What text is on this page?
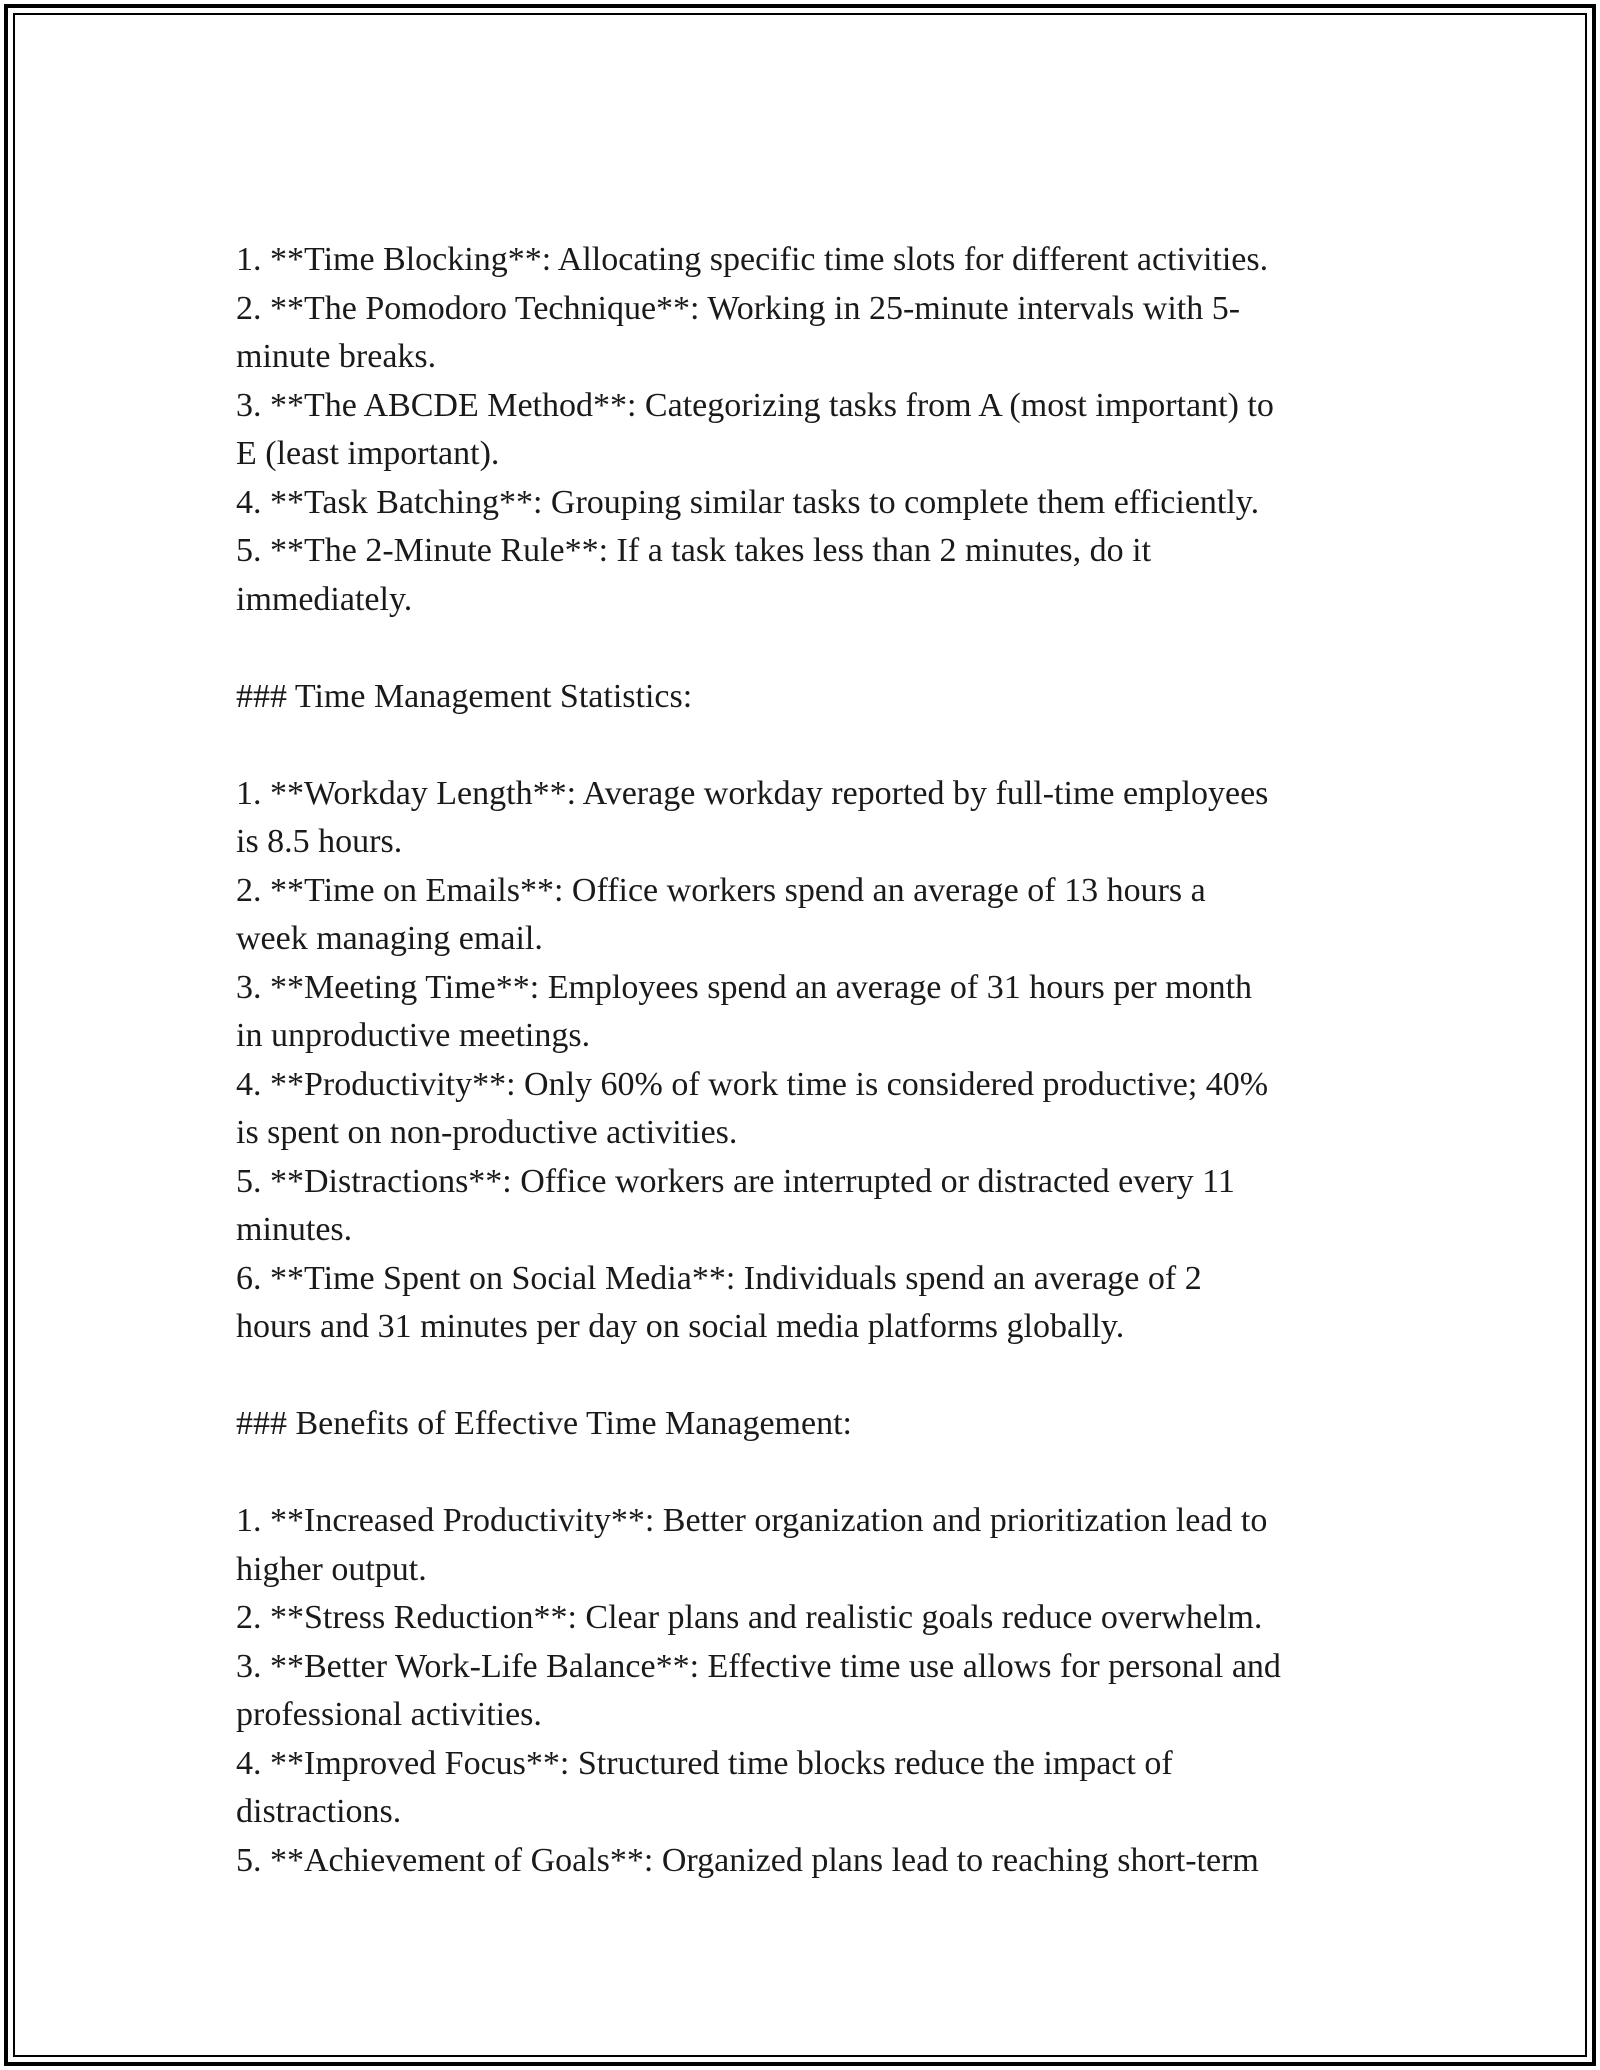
1. **Time Blocking**: Allocating specific time slots for different activities.
2. **The Pomodoro Technique**: Working in 25-minute intervals with 5-
minute breaks.
3. **The ABCDE Method**: Categorizing tasks from A (most important) to
E (least important).
4. **Task Batching**: Grouping similar tasks to complete them efficiently.
5. **The 2-Minute Rule**: If a task takes less than 2 minutes, do it
immediately.
### Time Management Statistics:
1. **Workday Length**: Average workday reported by full-time employees
is 8.5 hours.
2. **Time on Emails**: Office workers spend an average of 13 hours a
week managing email.
3. **Meeting Time**: Employees spend an average of 31 hours per month
in unproductive meetings.
4. **Productivity**: Only 60% of work time is considered productive; 40%
is spent on non-productive activities.
5. **Distractions**: Office workers are interrupted or distracted every 11
minutes.
6. **Time Spent on Social Media**: Individuals spend an average of 2
hours and 31 minutes per day on social media platforms globally.
### Benefits of Effective Time Management:
1. **Increased Productivity**: Better organization and prioritization lead to
higher output.
2. **Stress Reduction**: Clear plans and realistic goals reduce overwhelm.
3. **Better Work-Life Balance**: Effective time use allows for personal and
professional activities.
4. **Improved Focus**: Structured time blocks reduce the impact of
distractions.
5. **Achievement of Goals**: Organized plans lead to reaching short-term
